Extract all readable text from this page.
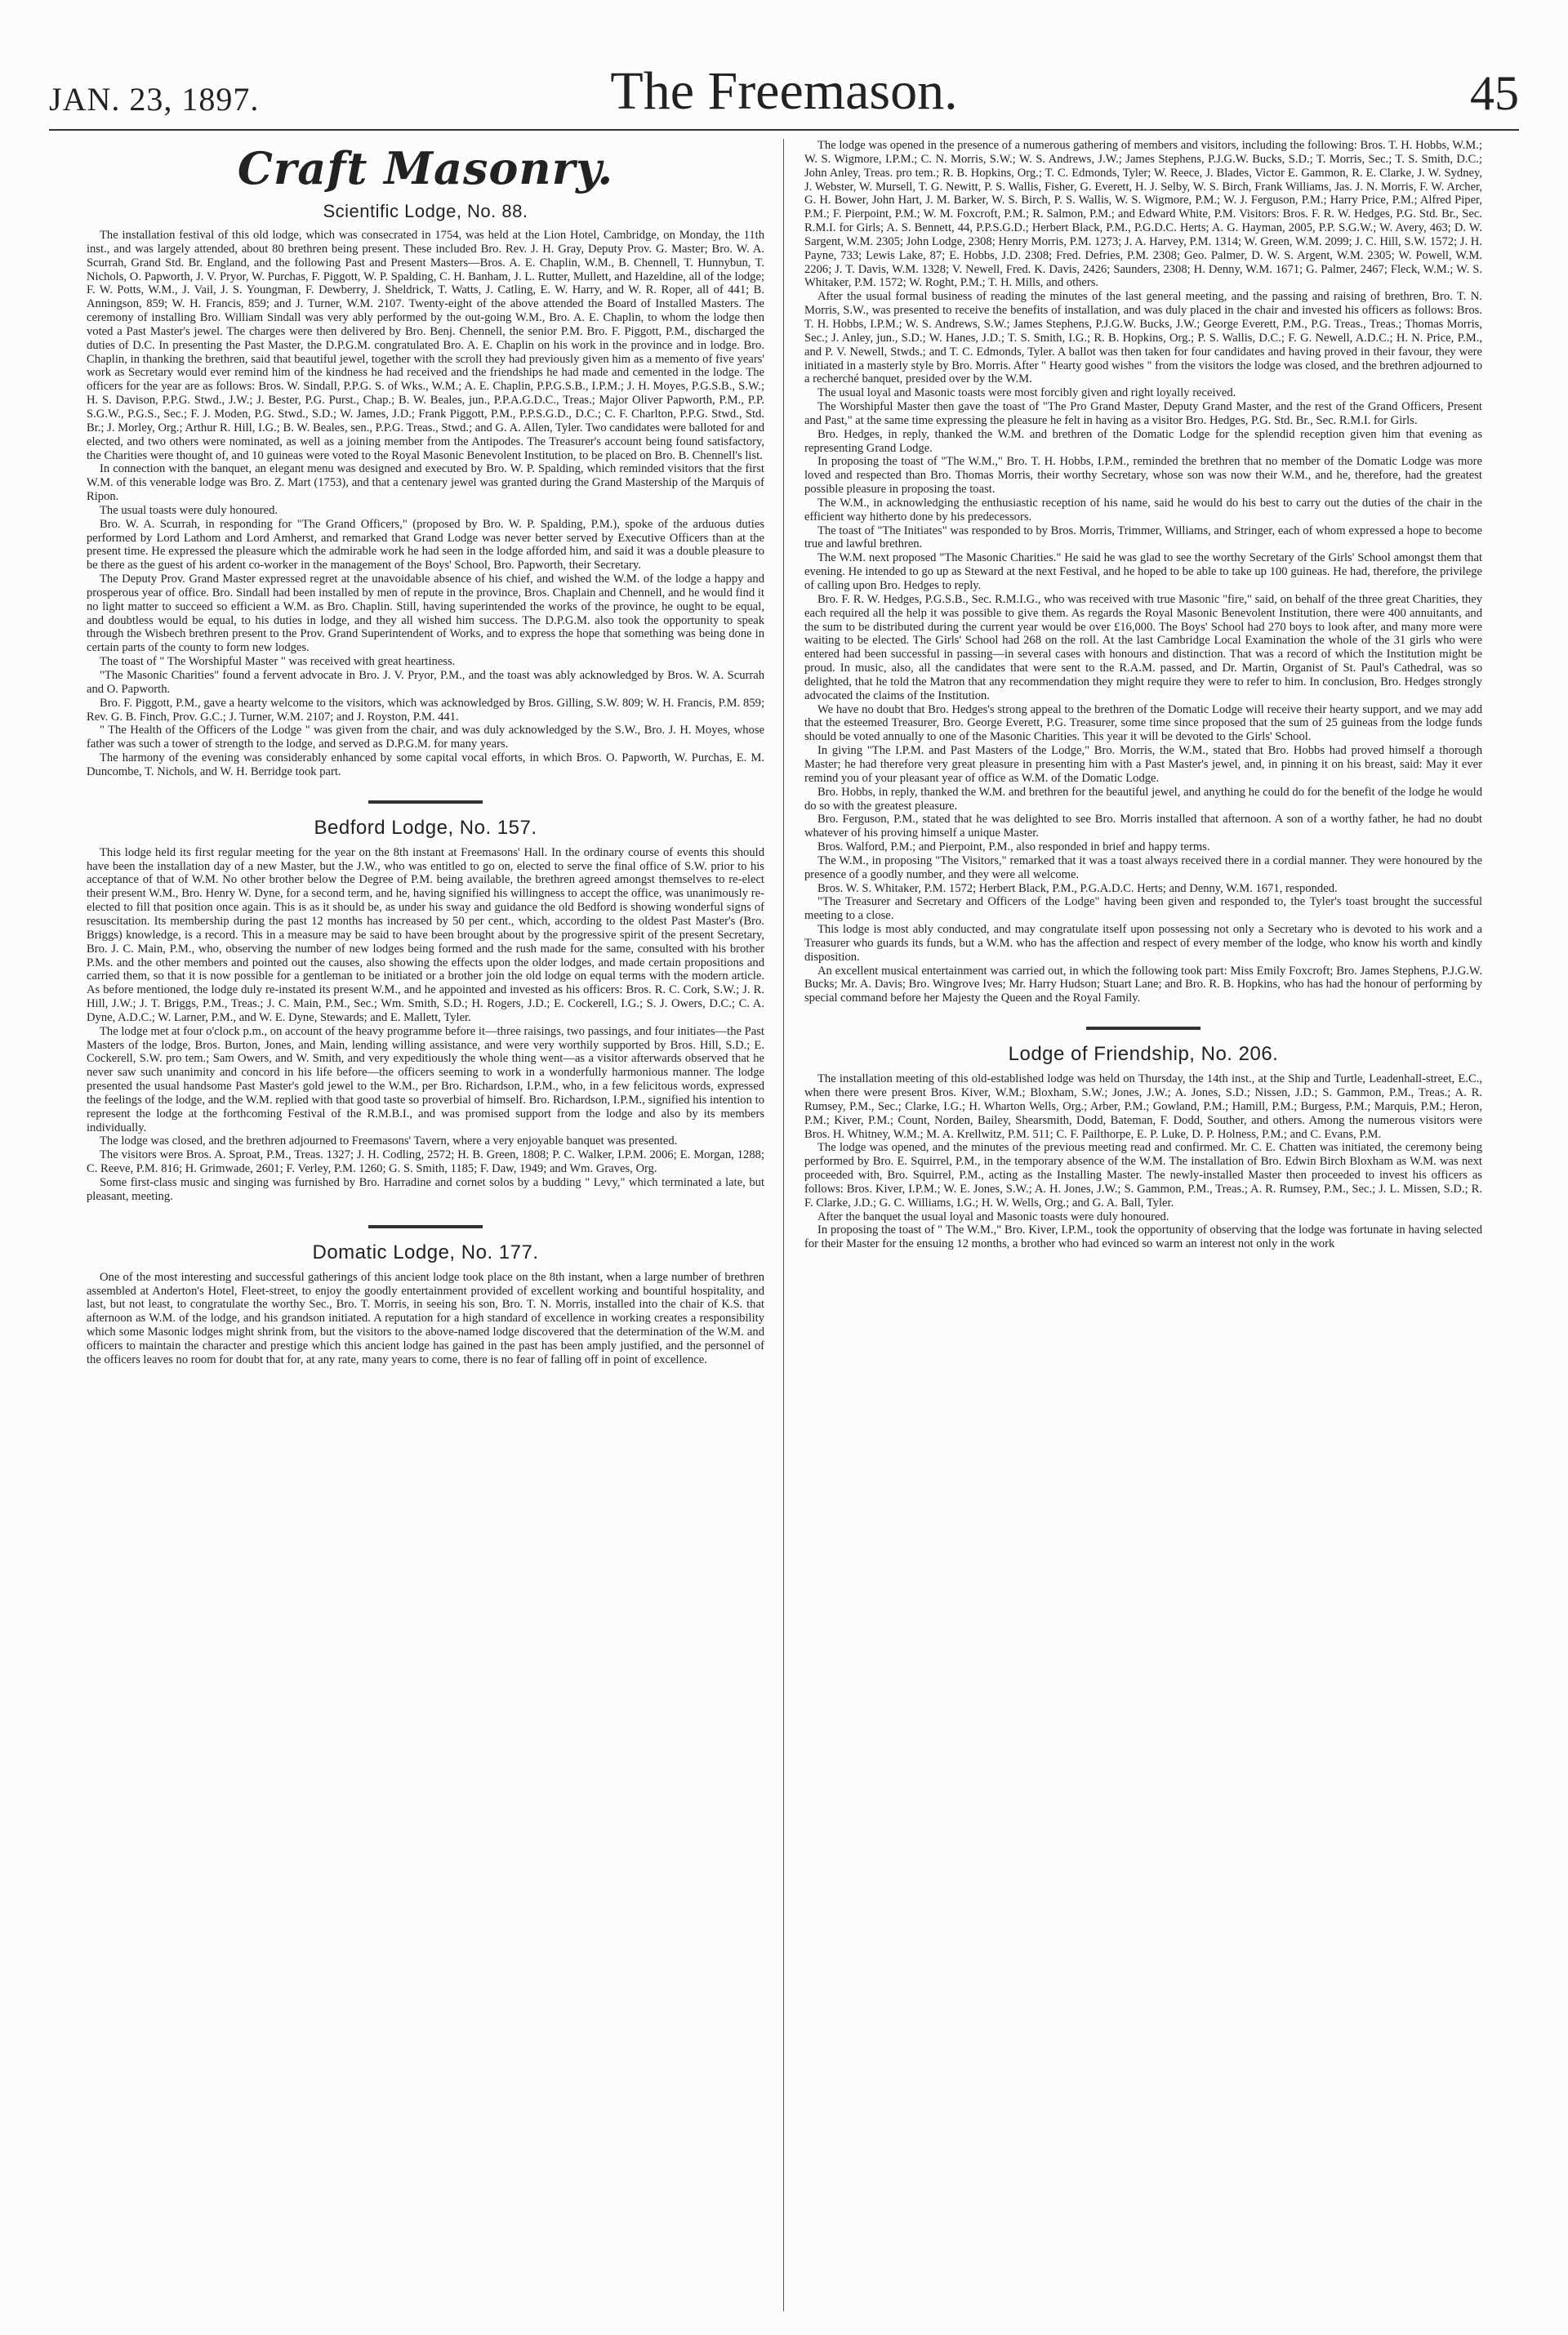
JAN. 23, 1897.	The Freemason.	45
Craft Masonry.
Scientific Lodge, No. 88.

The installation festival of this old lodge, which was consecrated in 1754, was held at the Lion Hotel, Cambridge, on Monday, the 11th inst., and was largely attended, about 80 brethren being present. These included Bro. Rev. J. H. Gray, Deputy Prov. G. Master; Bro. W. A. Scurrah, Grand Std. Br. England, and the following Past and Present Masters—Bros. A. E. Chaplin, W.M., B. Chennell, T. Hunnybun, T. Nichols, O. Papworth, J. V. Pryor, W. Purchas, F. Piggott, W. P. Spalding, C. H. Banham, J. L. Rutter, Mullett, and Hazeldine, all of the lodge; F. W. Potts, W.M., J. Vail, J. S. Youngman, F. Dewberry, J. Sheldrick, T. Watts, J. Catling, E. W. Harry, and W. R. Roper, all of 441; B. Anningson, 859; W. H. Francis, 859; and J. Turner, W.M. 2107. Twenty-eight of the above attended the Board of Installed Masters. The ceremony of installing Bro. William Sindall was very ably performed by the out-going W.M., Bro. A. E. Chaplin, to whom the lodge then voted a Past Master's jewel. The charges were then delivered by Bro. Benj. Chennell, the senior P.M. Bro. F. Piggott, P.M., discharged the duties of D.C. In presenting the Past Master, the D.P.G.M. congratulated Bro. A. E. Chaplin on his work in the province and in lodge. Bro. Chaplin, in thanking the brethren, said that beautiful jewel, together with the scroll they had previously given him as a memento of five years' work as Secretary would ever remind him of the kindness he had received and the friendships he had made and cemented in the lodge. The officers for the year are as follows: Bros. W. Sindall, P.P.G. S. of Wks., W.M.; A. E. Chaplin, P.P.G.S.B., I.P.M.; J. H. Moyes, P.G.S.B., S.W.; H. S. Davison, P.P.G. Stwd., J.W.; J. Bester, P.G. Purst., Chap.; B. W. Beales, jun., P.P.A.G.D.C., Treas.; Major Oliver Papworth, P.M., P.P. S.G.W., P.G.S., Sec.; F. J. Moden, P.G. Stwd., S.D.; W. James, J.D.; Frank Piggott, P.M., P.P.S.G.D., D.C.; C. F. Charlton, P.P.G. Stwd., Std. Br.; J. Morley, Org.; Arthur R. Hill, I.G.; B. W. Beales, sen., P.P.G. Treas., Stwd.; and G. A. Allen, Tyler. Two candidates were balloted for and elected, and two others were nominated, as well as a joining member from the Antipodes. The Treasurer's account being found satisfactory, the Charities were thought of, and 10 guineas were voted to the Royal Masonic Benevolent Institution, to be placed on Bro. B. Chennell's list.

In connection with the banquet, an elegant menu was designed and executed by Bro. W. P. Spalding, which reminded visitors that the first W.M. of this venerable lodge was Bro. Z. Mart (1753), and that a centenary jewel was granted during the Grand Mastership of the Marquis of Ripon.

The usual toasts were duly honoured.

Bro. W. A. Scurrah, in responding for "The Grand Officers," (proposed by Bro. W. P. Spalding, P.M.), spoke of the arduous duties performed by Lord Lathom and Lord Amherst, and remarked that Grand Lodge was never better served by Executive Officers than at the present time. He expressed the pleasure which the admirable work he had seen in the lodge afforded him, and said it was a double pleasure to be there as the guest of his ardent co-worker in the management of the Boys' School, Bro. Papworth, their Secretary.

The Deputy Prov. Grand Master expressed regret at the unavoidable absence of his chief, and wished the W.M. of the lodge a happy and prosperous year of office. Bro. Sindall had been installed by men of repute in the province, Bros. Chaplain and Chennell, and he would find it no light matter to succeed so efficient a W.M. as Bro. Chaplin. Still, having superintended the works of the province, he ought to be equal, and doubtless would be equal, to his duties in lodge, and they all wished him success. The D.P.G.M. also took the opportunity to speak through the Wisbech brethren present to the Prov. Grand Superintendent of Works, and to express the hope that something was being done in certain parts of the county to form new lodges.

The toast of " The Worshipful Master " was received with great heartiness.

"The Masonic Charities" found a fervent advocate in Bro. J. V. Pryor, P.M., and the toast was ably acknowledged by Bros. W. A. Scurrah and O. Papworth.

Bro. F. Piggott, P.M., gave a hearty welcome to the visitors, which was acknowledged by Bros. Gilling, S.W. 809; W. H. Francis, P.M. 859; Rev. G. B. Finch, Prov. G.C.; J. Turner, W.M. 2107; and J. Royston, P.M. 441.

" The Health of the Officers of the Lodge " was given from the chair, and was duly acknowledged by the S.W., Bro. J. H. Moyes, whose father was such a tower of strength to the lodge, and served as D.P.G.M. for many years.

The harmony of the evening was considerably enhanced by some capital vocal efforts, in which Bros. O. Papworth, W. Purchas, E. M. Duncombe, T. Nichols, and W. H. Berridge took part.

Bedford Lodge, No. 157.

This lodge held its first regular meeting for the year on the 8th instant at Freemasons' Hall. In the ordinary course of events this should have been the installation day of a new Master, but the J.W., who was entitled to go on, elected to serve the final office of S.W. prior to his acceptance of that of W.M. No other brother below the Degree of P.M. being available, the brethren agreed amongst themselves to re-elect their present W.M., Bro. Henry W. Dyne, for a second term, and he, having signified his willingness to accept the office, was unanimously re-elected to fill that position once again. This is as it should be, as under his sway and guidance the old Bedford is showing wonderful signs of resuscitation. Its membership during the past 12 months has increased by 50 per cent., which, according to the oldest Past Master's (Bro. Briggs) knowledge, is a record. This in a measure may be said to have been brought about by the progressive spirit of the present Secretary, Bro. J. C. Main, P.M., who, observing the number of new lodges being formed and the rush made for the same, consulted with his brother P.Ms. and the other members and pointed out the causes, also showing the effects upon the older lodges, and made certain propositions and carried them, so that it is now possible for a gentleman to be initiated or a brother join the old lodge on equal terms with the modern article. As before mentioned, the lodge duly re-instated its present W.M., and he appointed and invested as his officers: Bros. R. C. Cork, S.W.; J. R. Hill, J.W.; J. T. Briggs, P.M., Treas.; J. C. Main, P.M., Sec.; Wm. Smith, S.D.; H. Rogers, J.D.; E. Cockerell, I.G.; S. J. Owers, D.C.; C. A. Dyne, A.D.C.; W. Larner, P.M., and W. E. Dyne, Stewards; and E. Mallett, Tyler.

The lodge met at four o'clock p.m., on account of the heavy programme before it—three raisings, two passings, and four initiates—the Past Masters of the lodge, Bros. Burton, Jones, and Main, lending willing assistance, and were very worthily supported by Bros. Hill, S.D.; E. Cockerell, S.W. pro tem.; Sam Owers, and W. Smith, and very expeditiously the whole thing went—as a visitor afterwards observed that he never saw such unanimity and concord in his life before—the officers seeming to work in a wonderfully harmonious manner. The lodge presented the usual handsome Past Master's gold jewel to the W.M., per Bro. Richardson, I.P.M., who, in a few felicitous words, expressed the feelings of the lodge, and the W.M. replied with that good taste so proverbial of himself. Bro. Richardson, I.P.M., signified his intention to represent the lodge at the forthcoming Festival of the R.M.B.I., and was promised support from the lodge and also by its members individually.

The lodge was closed, and the brethren adjourned to Freemasons' Tavern, where a very enjoyable banquet was presented.

The visitors were Bros. A. Sproat, P.M., Treas. 1327; J. H. Codling, 2572; H. B. Green, 1808; P. C. Walker, I.P.M. 2006; E. Morgan, 1288; C. Reeve, P.M. 816; H. Grimwade, 2601; F. Verley, P.M. 1260; G. S. Smith, 1185; F. Daw, 1949; and Wm. Graves, Org.

Some first-class music and singing was furnished by Bro. Harradine and cornet solos by a budding " Levy," which terminated a late, but pleasant, meeting.

Domatic Lodge, No. 177.

One of the most interesting and successful gatherings of this ancient lodge took place on the 8th instant, when a large number of brethren assembled at Anderton's Hotel, Fleet-street, to enjoy the goodly entertainment provided of excellent working and bountiful hospitality, and last, but not least, to congratulate the worthy Sec., Bro. T. Morris, in seeing his son, Bro. T. N. Morris, installed into the chair of K.S. that afternoon as W.M. of the lodge, and his grandson initiated. A reputation for a high standard of excellence in working creates a responsibility which some Masonic lodges might shrink from, but the visitors to the above-named lodge discovered that the determination of the W.M. and officers to maintain the character and prestige which this ancient lodge has gained in the past has been amply justified, and the personnel of the officers leaves no room for doubt that for, at any rate, many years to come, there is no fear of falling off in point of excellence.

The lodge was opened in the presence of a numerous gathering of members and visitors, including the following: Bros. T. H. Hobbs, W.M.; W. S. Wigmore, I.P.M.; C. N. Morris, S.W.; W. S. Andrews, J.W.; James Stephens, P.J.G.W. Bucks, S.D.; T. Morris, Sec.; T. S. Smith, D.C.; John Anley, Treas. pro tem.; R. B. Hopkins, Org.; T. C. Edmonds, Tyler; W. Reece, J. Blades, Victor E. Gammon, R. E. Clarke, J. W. Sydney, J. Webster, W. Mursell, T. G. Newitt, P. S. Wallis, Fisher, G. Everett, H. J. Selby, W. S. Birch, Frank Williams, Jas. J. N. Morris, F. W. Archer, G. H. Bower, John Hart, J. M. Barker, W. S. Birch, P. S. Wallis, W. S. Wigmore, P.M.; W. J. Ferguson, P.M.; Harry Price, P.M.; Alfred Piper, P.M.; F. Pierpoint, P.M.; W. M. Foxcroft, P.M.; R. Salmon, P.M.; and Edward White, P.M. Visitors: Bros. F. R. W. Hedges, P.G. Std. Br., Sec. R.M.I. for Girls; A. S. Bennett, 44, P.P.S.G.D.; Herbert Black, P.M., P.G.D.C. Herts; A. G. Hayman, 2005, P.P. S.G.W.; W. Avery, 463; D. W. Sargent, W.M. 2305; John Lodge, 2308; Henry Morris, P.M. 1273; J. A. Harvey, P.M. 1314; W. Green, W.M. 2099; J. C. Hill, S.W. 1572; J. H. Payne, 733; Lewis Lake, 87; E. Hobbs, J.D. 2308; Fred. Defries, P.M. 2308; Geo. Palmer, D. W. S. Argent, W.M. 2305; W. Powell, W.M. 2206; J. T. Davis, W.M. 1328; V. Newell, Fred. K. Davis, 2426; Saunders, 2308; H. Denny, W.M. 1671; G. Palmer, 2467; Fleck, W.M.; W. S. Whitaker, P.M. 1572; W. Roght, P.M.; T. H. Mills, and others.

After the usual formal business of reading the minutes of the last general meeting, and the passing and raising of brethren, Bro. T. N. Morris, S.W., was presented to receive the benefits of installation, and was duly placed in the chair and invested his officers as follows: Bros. T. H. Hobbs, I.P.M.; W. S. Andrews, S.W.; James Stephens, P.J.G.W. Bucks, J.W.; George Everett, P.M., P.G. Treas., Treas.; Thomas Morris, Sec.; J. Anley, jun., S.D.; W. Hanes, J.D.; T. S. Smith, I.G.; R. B. Hopkins, Org.; P. S. Wallis, D.C.; F. G. Newell, A.D.C.; H. N. Price, P.M., and P. V. Newell, Stwds.; and T. C. Edmonds, Tyler. A ballot was then taken for four candidates and having proved in their favour, they were initiated in a masterly style by Bro. Morris. After " Hearty good wishes " from the visitors the lodge was closed, and the brethren adjourned to a recherché banquet, presided over by the W.M.

The usual loyal and Masonic toasts were most forcibly given and right loyally received.

The Worshipful Master then gave the toast of "The Pro Grand Master, Deputy Grand Master, and the rest of the Grand Officers, Present and Past," at the same time expressing the pleasure he felt in having as a visitor Bro. Hedges, P.G. Std. Br., Sec. R.M.I. for Girls.

Bro. Hedges, in reply, thanked the W.M. and brethren of the Domatic Lodge for the splendid reception given him that evening as representing Grand Lodge.

In proposing the toast of "The W.M.," Bro. T. H. Hobbs, I.P.M., reminded the brethren that no member of the Domatic Lodge was more loved and respected than Bro. Thomas Morris, their worthy Secretary, whose son was now their W.M., and he, therefore, had the greatest possible pleasure in proposing the toast.

The W.M., in acknowledging the enthusiastic reception of his name, said he would do his best to carry out the duties of the chair in the efficient way hitherto done by his predecessors.

The toast of "The Initiates" was responded to by Bros. Morris, Trimmer, Williams, and Stringer, each of whom expressed a hope to become true and lawful brethren.

The W.M. next proposed "The Masonic Charities." He said he was glad to see the worthy Secretary of the Girls' School amongst them that evening. He intended to go up as Steward at the next Festival, and he hoped to be able to take up 100 guineas. He had, therefore, the privilege of calling upon Bro. Hedges to reply.

Bro. F. R. W. Hedges, P.G.S.B., Sec. R.M.I.G., who was received with true Masonic "fire," said, on behalf of the three great Charities, they each required all the help it was possible to give them. As regards the Royal Masonic Benevolent Institution, there were 400 annuitants, and the sum to be distributed during the current year would be over £16,000. The Boys' School had 270 boys to look after, and many more were waiting to be elected. The Girls' School had 268 on the roll. At the last Cambridge Local Examination the whole of the 31 girls who were entered had been successful in passing—in several cases with honours and distinction. That was a record of which the Institution might be proud. In music, also, all the candidates that were sent to the R.A.M. passed, and Dr. Martin, Organist of St. Paul's Cathedral, was so delighted, that he told the Matron that any recommendation they might require they were to refer to him. In conclusion, Bro. Hedges strongly advocated the claims of the Institution.

We have no doubt that Bro. Hedges's strong appeal to the brethren of the Domatic Lodge will receive their hearty support, and we may add that the esteemed Treasurer, Bro. George Everett, P.G. Treasurer, some time since proposed that the sum of 25 guineas from the lodge funds should be voted annually to one of the Masonic Charities. This year it will be devoted to the Girls' School.

In giving "The I.P.M. and Past Masters of the Lodge," Bro. Morris, the W.M., stated that Bro. Hobbs had proved himself a thorough Master; he had therefore very great pleasure in presenting him with a Past Master's jewel, and, in pinning it on his breast, said: May it ever remind you of your pleasant year of office as W.M. of the Domatic Lodge.

Bro. Hobbs, in reply, thanked the W.M. and brethren for the beautiful jewel, and anything he could do for the benefit of the lodge he would do so with the greatest pleasure.

Bro. Ferguson, P.M., stated that he was delighted to see Bro. Morris installed that afternoon. A son of a worthy father, he had no doubt whatever of his proving himself a unique Master.

Bros. Walford, P.M.; and Pierpoint, P.M., also responded in brief and happy terms.

The W.M., in proposing "The Visitors," remarked that it was a toast always received there in a cordial manner. They were honoured by the presence of a goodly number, and they were all welcome.

Bros. W. S. Whitaker, P.M. 1572; Herbert Black, P.M., P.G.A.D.C. Herts; and Denny, W.M. 1671, responded.

"The Treasurer and Secretary and Officers of the Lodge" having been given and responded to, the Tyler's toast brought the successful meeting to a close.

This lodge is most ably conducted, and may congratulate itself upon possessing not only a Secretary who is devoted to his work and a Treasurer who guards its funds, but a W.M. who has the affection and respect of every member of the lodge, who know his worth and kindly disposition.

An excellent musical entertainment was carried out, in which the following took part: Miss Emily Foxcroft; Bro. James Stephens, P.J.G.W. Bucks; Mr. A. Davis; Bro. Wingrove Ives; Mr. Harry Hudson; Stuart Lane; and Bro. R. B. Hopkins, who has had the honour of performing by special command before her Majesty the Queen and the Royal Family.

Lodge of Friendship, No. 206.

The installation meeting of this old-established lodge was held on Thursday, the 14th inst., at the Ship and Turtle, Leadenhall-street, E.C., when there were present Bros. Kiver, W.M.; Bloxham, S.W.; Jones, J.W.; A. Jones, S.D.; Nissen, J.D.; S. Gammon, P.M., Treas.; A. R. Rumsey, P.M., Sec.; Clarke, I.G.; H. Wharton Wells, Org.; Arber, P.M.; Gowland, P.M.; Hamill, P.M.; Burgess, P.M.; Marquis, P.M.; Heron, P.M.; Kiver, P.M.; Count, Norden, Bailey, Shearsmith, Dodd, Bateman, F. Dodd, Souther, and others. Among the numerous visitors were Bros. H. Whitney, W.M.; M. A. Krellwitz, P.M. 511; C. F. Pailthorpe, E. P. Luke, D. P. Holness, P.M.; and C. Evans, P.M.

The lodge was opened, and the minutes of the previous meeting read and confirmed. Mr. C. E. Chatten was initiated, the ceremony being performed by Bro. E. Squirrel, P.M., in the temporary absence of the W.M. The installation of Bro. Edwin Birch Bloxham as W.M. was next proceeded with, Bro. Squirrel, P.M., acting as the Installing Master. The newly-installed Master then proceeded to invest his officers as follows: Bros. Kiver, I.P.M.; W. E. Jones, S.W.; A. H. Jones, J.W.; S. Gammon, P.M., Treas.; A. R. Rumsey, P.M., Sec.; J. L. Missen, S.D.; R. F. Clarke, J.D.; G. C. Williams, I.G.; H. W. Wells, Org.; and G. A. Ball, Tyler.

After the banquet the usual loyal and Masonic toasts were duly honoured.

In proposing the toast of " The W.M.," Bro. Kiver, I.P.M., took the opportunity of observing that the lodge was fortunate in having selected for their Master for the ensuing 12 months, a brother who had evinced so warm an interest not only in the work
